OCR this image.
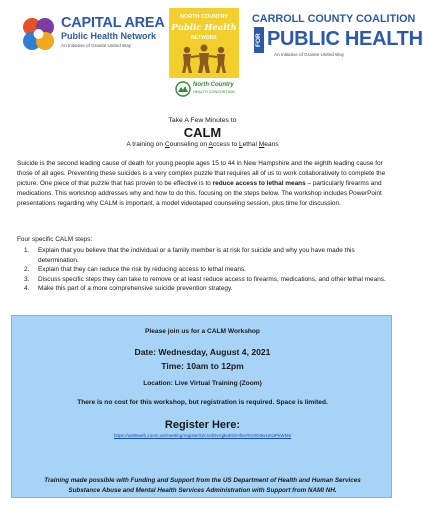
CAPITAL AREA
Public Health Network
An Initiative of Granite United Way
NORTH COUNTRY
Public Health
NETWORK
North Country
HEALTH CONSORTIUM
CARROLL COUNTY COALITION
FOR PUBLIC HEALTH
An Initiative of Granite United Way
Take A Few Minutes to
CALM
A training on Counseling on Access to Lethal Means
Suicide is the second leading cause of death for young people ages 15 to 44 in New Hampshire and the eighth leading cause for those of all ages. Preventing these suicides is a very complex puzzle that requires all of us to work collaboratively to complete the picture. One piece of that puzzle that has proven to be effective is to reduce access to lethal means – particularly firearms and medications. This workshop addresses why and how to do this, focusing on the steps below. The workshop includes PowerPoint presentations regarding why CALM is important, a model videotaped counseling session, plus time for discussion.
Four specific CALM steps:
1. Explain that you believe that the individual or a family member is at risk for suicide and why you have made this determination.
2. Explain that they can reduce the risk by reducing access to lethal means.
3. Discuss specific steps they can take to remove or at least reduce access to firearms, medications, and other lethal means.
4. Make this part of a more comprehensive suicide prevention strategy.
Please join us for a CALM Workshop
Date: Wednesday, August 4, 2021
Time: 10am to 12pm
Location: Live Virtual Training (Zoom)
There is no cost for this workshop, but registration is required. Space is limited.
Register Here:
https://us06web.zoom.us/meeting/register/tZcIcdOvrqjkoEtGHfaVrIGOD3wUntJPkWMe
Training made possible with Funding and Support from the US Department of Health and Human Services
Substance Abuse and Mental Health Services Administration with Support from NAMI NH.
